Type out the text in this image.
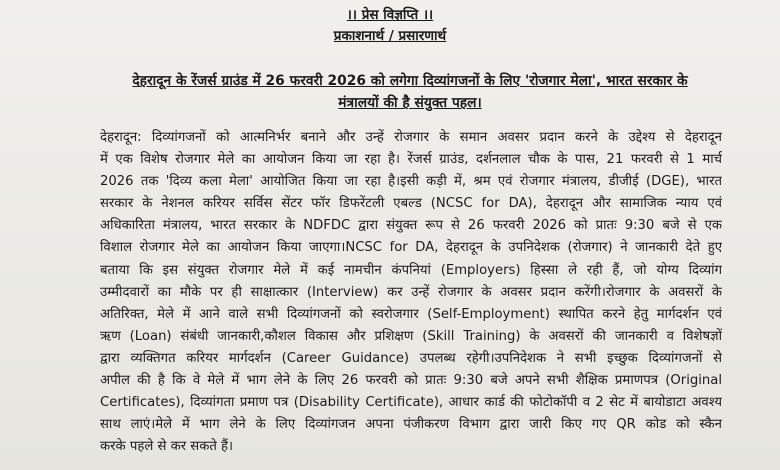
।। प्रेस विज्ञप्ति ।।
प्रकाशनार्थ / प्रसारणार्थ
देहरादून के रेंजर्स ग्राउंड में 26 फरवरी 2026 को लगेगा दिव्यांगजनों के लिए 'रोजगार मेला', भारत सरकार के
मंत्रालयों की है संयुक्त पहल।
देहरादून: दिव्यांगजनों को आत्मनिर्भर बनाने और उन्हें रोजगार के समान अवसर प्रदान करने के उद्देश्य से देहरादून
में एक विशेष रोजगार मेले का आयोजन किया जा रहा है। रेंजर्स ग्राउंड, दर्शनलाल चौक के पास, 21 फरवरी से 1 मार्च
2026 तक 'दिव्य कला मेला' आयोजित किया जा रहा है।इसी कड़ी में, श्रम एवं रोजगार मंत्रालय, डीजीई (DGE), भारत
सरकार के नेशनल करियर सर्विस सेंटर फॉर डिफरेंटली एबल्ड (NCSC for DA), देहरादून और सामाजिक न्याय एवं
अधिकारिता मंत्रालय, भारत सरकार के NDFDC द्वारा संयुक्त रूप से 26 फरवरी 2026 को प्रातः 9:30 बजे से एक
विशाल रोजगार मेले का आयोजन किया जाएगा।NCSC for DA, देहरादून के उपनिदेशक (रोजगार) ने जानकारी देते हुए
बताया कि इस संयुक्त रोजगार मेले में कई नामचीन कंपनियां (Employers) हिस्सा ले रही हैं, जो योग्य दिव्यांग
उम्मीदवारों का मौके पर ही साक्षात्कार (Interview) कर उन्हें रोजगार के अवसर प्रदान करेंगी।रोजगार के अवसरों के
अतिरिक्त, मेले में आने वाले सभी दिव्यांगजनों को स्वरोजगार (Self-Employment) स्थापित करने हेतु मार्गदर्शन एवं
ऋण (Loan) संबंधी जानकारी,कौशल विकास और प्रशिक्षण (Skill Training) के अवसरों की जानकारी व विशेषज्ञों
द्वारा व्यक्तिगत करियर मार्गदर्शन (Career Guidance) उपलब्ध रहेगी।उपनिदेशक ने सभी इच्छुक दिव्यांगजनों से
अपील की है कि वे मेले में भाग लेने के लिए 26 फरवरी को प्रातः 9:30 बजे अपने सभी शैक्षिक प्रमाणपत्र (Original
Certificates), दिव्यांगता प्रमाण पत्र (Disability Certificate), आधार कार्ड की फोटोकॉपी व 2 सेट में बायोडाटा अवश्य
साथ लाएं।मेले में भाग लेने के लिए दिव्यांगजन अपना पंजीकरण विभाग द्वारा जारी किए गए QR कोड को स्कैन
करके पहले से कर सकते हैं।
